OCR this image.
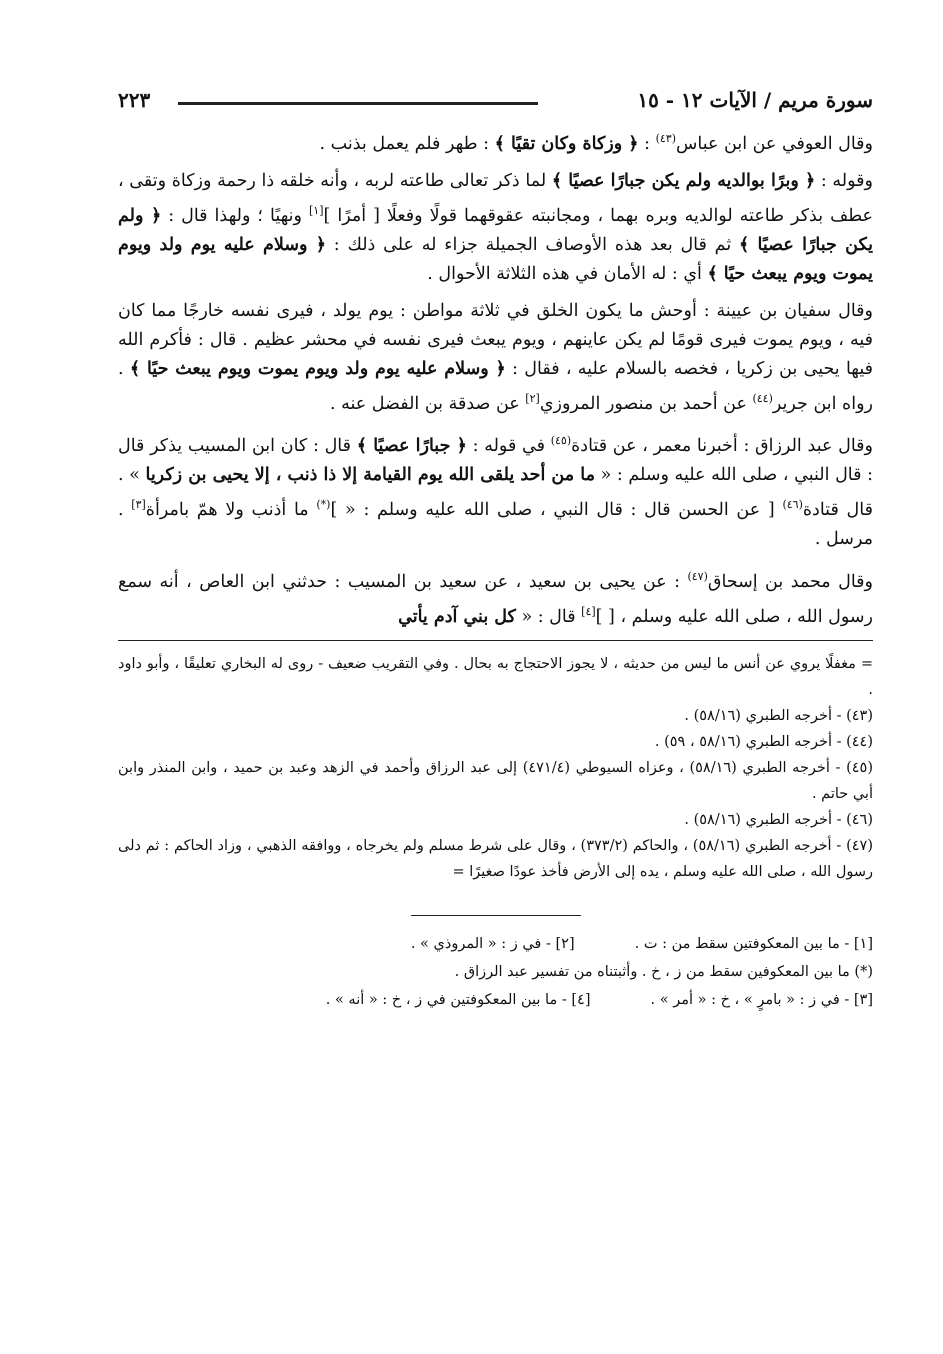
سورة مريم / الآيات ١٢ - ١٥
٢٢٣

وقال العوفي عن ابن عباس$^{(٤٣)}$ : ﴿ وزكاة وكان تقيًا ﴾ : طهر فلم يعمل بذنب .

وقوله : ﴿ وبرًا بوالديه ولم يكن جبارًا عصيًا ﴾ لما ذكر تعالى طاعته لربه ، وأنه خلقه ذا رحمة وزكاة وتقى ، عطف بذكر طاعته لوالديه وبره بهما ، ومجانبته عقوقهما قولًا وفعلًا [ أمرًا ][١] ونهيًا ؛ ولهذا قال : ﴿ ولم يكن جبارًا عصيًا ﴾ ثم قال بعد هذه الأوصاف الجميلة جزاء له على ذلك : ﴿ وسلام عليه يوم ولد ويوم يموت ويوم يبعث حيًا ﴾ أي : له الأمان في هذه الثلاثة الأحوال .

وقال سفيان بن عيينة : أوحش ما يكون الخلق في ثلاثة مواطن : يوم يولد ، فيرى نفسه خارجًا مما كان فيه ، ويوم يموت فيرى قومًا لم يكن عاينهم ، ويوم يبعث فيرى نفسه في محشر عظيم . قال : فأكرم الله فيها يحيى بن زكريا ، فخصه بالسلام عليه ، فقال : ﴿ وسلام عليه يوم ولد ويوم يموت ويوم يبعث حيًا ﴾ . رواه ابن جرير$^{(٤٤)}$ عن أحمد بن منصور المروزي[٢] عن صدقة بن الفضل عنه .

وقال عبد الرزاق : أخبرنا معمر ، عن قتادة$^{(٤٥)}$ في قوله : ﴿ جبارًا عصيًا ﴾ قال : كان ابن المسيب يذكر قال : قال النبي ، صلى الله عليه وسلم : « ما من أحد يلقى الله يوم القيامة إلا ذا ذنب ، إلا يحيى بن زكريا » . قال قتادة$^{(٤٦)}$ [ عن الحسن قال : قال النبي ، صلى الله عليه وسلم : « ](*) ما أذنب ولا همّ بامرأة[٣] . مرسل .

وقال محمد بن إسحاق$^{(٤٧)}$ : عن يحيى بن سعيد ، عن سعيد بن المسيب : حدثني ابن العاص ، أنه سمع رسول الله ، صلى الله عليه وسلم ، [ ][٤] قال : « كل بني آدم يأتي

= مغفلًا يروي عن أنس ما ليس من حديثه ، لا يجوز الاحتجاج به بحال . وفي التقريب ضعيف - روى له البخاري تعليقًا ، وأبو داود .

(٤٣) - أخرجه الطبري (٥٨/١٦) .

(٤٤) - أخرجه الطبري (٥٨/١٦ ، ٥٩) .

(٤٥) - أخرجه الطبري (٥٨/١٦) ، وعزاه السيوطي (٤٧١/٤) إلى عبد الرزاق وأحمد في الزهد وعبد بن حميد ، وابن المنذر وابن أبي حاتم .

(٤٦) - أخرجه الطبري (٥٨/١٦) .

(٤٧) - أخرجه الطبري (٥٨/١٦) ، والحاكم (٣٧٣/٢) ، وقال على شرط مسلم ولم يخرجاه ، ووافقه الذهبي ، وزاد الحاكم : ثم دلى رسول الله ، صلى الله عليه وسلم ، يده إلى الأرض فأخذ عودًا صغيرًا =

[١] - ما بين المعكوفتين سقط من : ت .
[٢] - في ز : « المروذي » .
(*) ما بين المعكوفين سقط من ز ، خ . وأثبتناه من تفسير عبد الرزاق .
[٣] - في ز : « بامرٍ » ، خ : « أمر » .
[٤] - ما بين المعكوفتين في ز ، خ : « أنه » .
